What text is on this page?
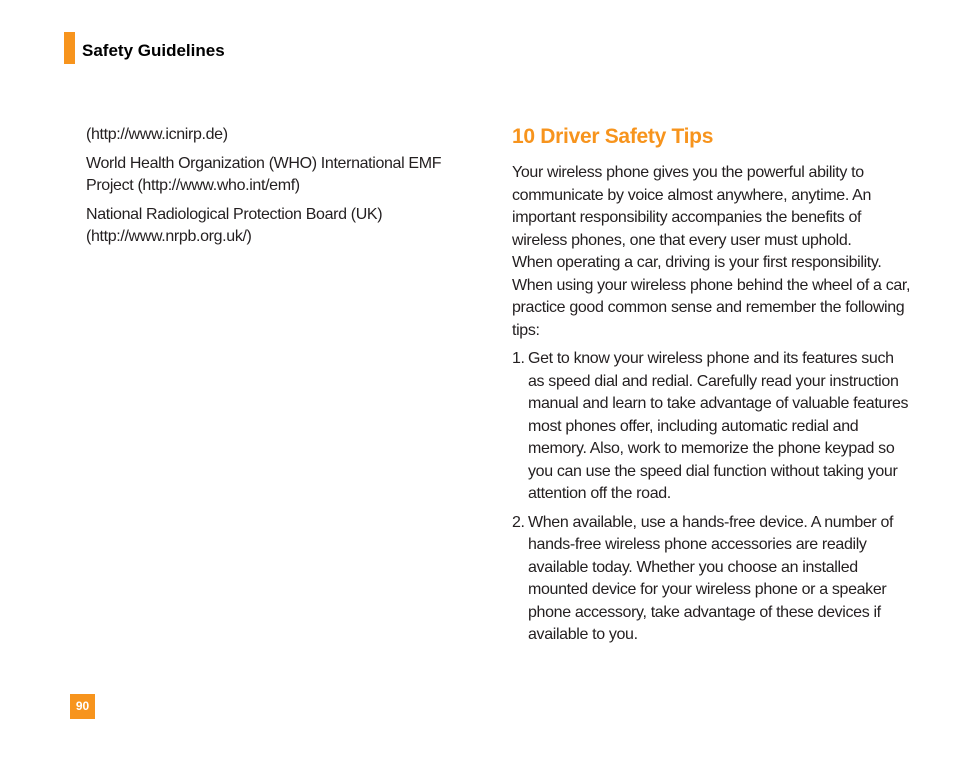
Safety Guidelines

(http://www.icnirp.de)

World Health Organization (WHO) International EMF Project (http://www.who.int/emf)

National Radiological Protection Board (UK) (http://www.nrpb.org.uk/)

10 Driver Safety Tips

Your wireless phone gives you the powerful ability to communicate by voice almost anywhere, anytime. An important responsibility accompanies the benefits of wireless phones, one that every user must uphold.

When operating a car, driving is your first responsibility.

When using your wireless phone behind the wheel of a car, practice good common sense and remember the following tips:

1. Get to know your wireless phone and its features such as speed dial and redial. Carefully read your instruction manual and learn to take advantage of valuable features most phones offer, including automatic redial and memory. Also, work to memorize the phone keypad so you can use the speed dial function without taking your attention off the road.
2. When available, use a hands-free device. A number of hands-free wireless phone accessories are readily available today. Whether you choose an installed mounted device for your wireless phone or a speaker phone accessory, take advantage of these devices if available to you.
90
